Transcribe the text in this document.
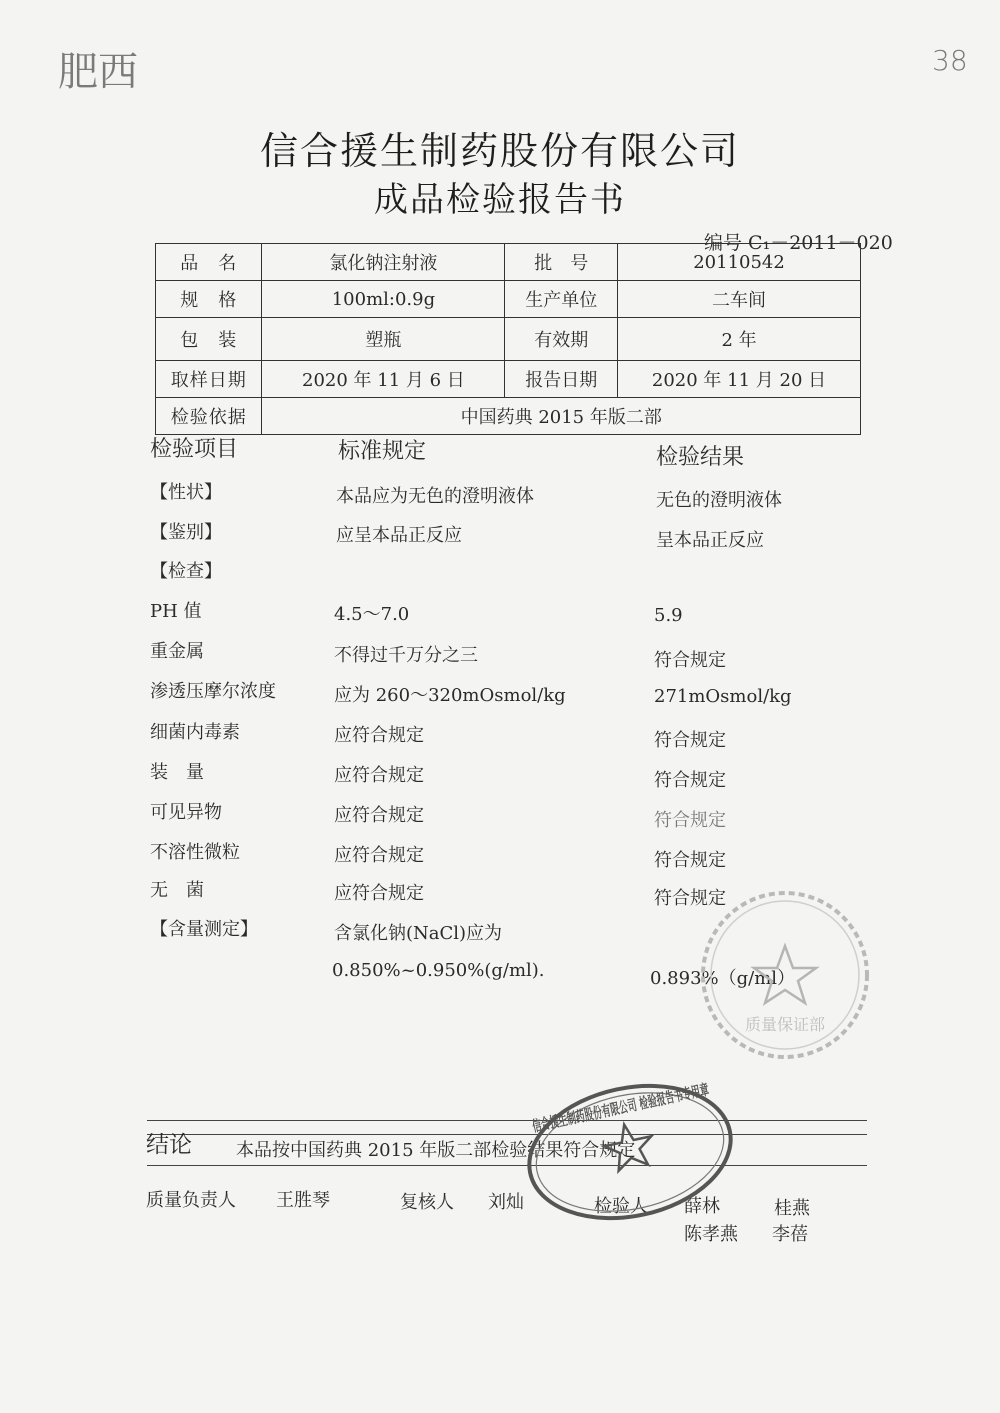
肥西	38
信合援生制药股份有限公司
成品检验报告书
编号 C₁－2011－020
品　名	氯化钠注射液	批　号	20110542
规　格	100ml:0.9g	生产单位	二车间
包　装	塑瓶	有效期	2 年
取样日期	2020 年 11 月 6 日	报告日期	2020 年 11 月 20 日
检验依据	中国药典 2015 年版二部		
检验项目	标准规定	检验结果
【性状】	本品应为无色的澄明液体	无色的澄明液体
【鉴别】	应呈本品正反应	呈本品正反应
【检查】
PH 值	4.5～7.0	5.9
重金属	不得过千万分之三	符合规定
渗透压摩尔浓度	应为 260～320mOsmol/kg	271mOsmol/kg
细菌内毒素	应符合规定	符合规定
装　量	应符合规定	符合规定
可见异物	应符合规定	符合规定
不溶性微粒	应符合规定	符合规定
无　菌	应符合规定	符合规定
【含量测定】	含氯化钠(NaCl)应为
0.850%~0.950%(g/ml).	0.893%（g/ml）
质量保证部
结论 本品按中国药典 2015 年版二部检验结果符合规定
质量负责人 王胜琴	复核人 刘灿	检验人 薛林	桂燕
陈孝燕 李蓓
信合援生制药股份有限公司 检验报告书专用章
